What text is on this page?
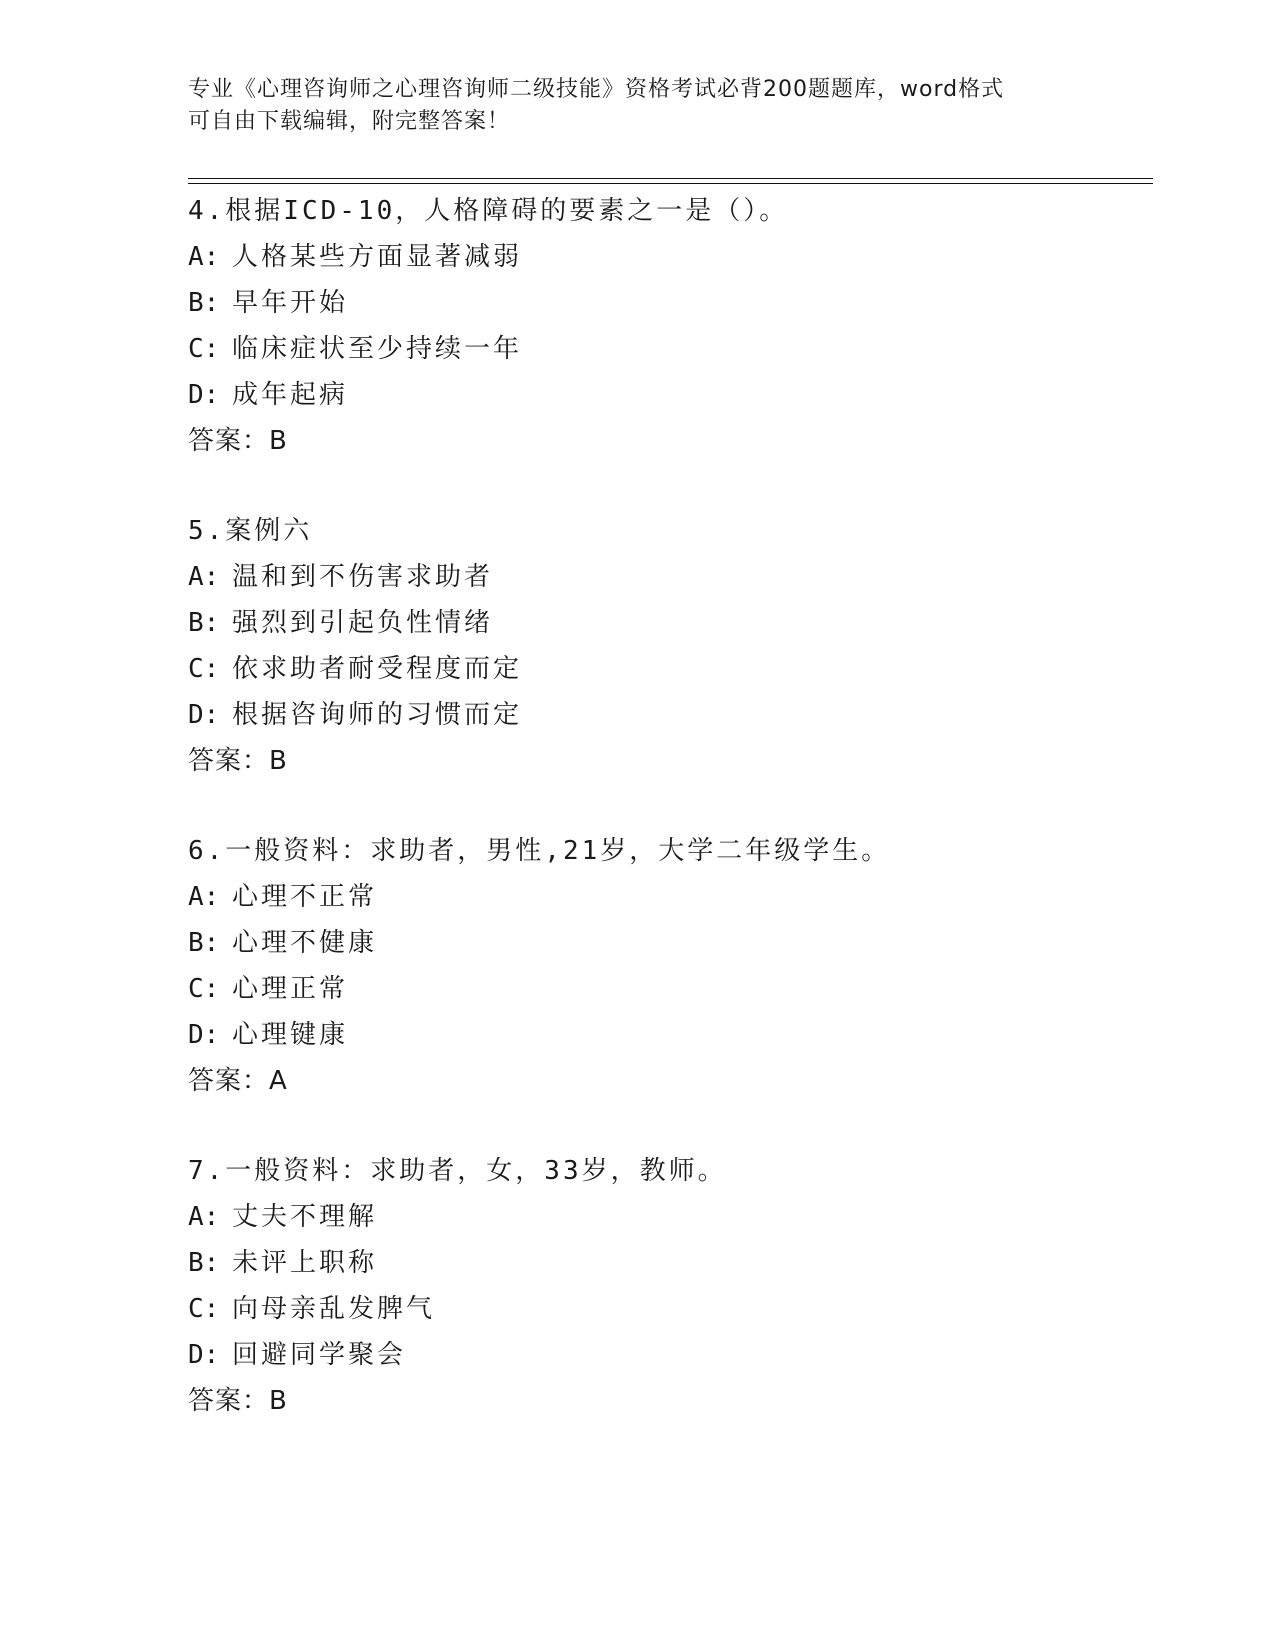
专业《心理咨询师之心理咨询师二级技能》资格考试必背200题题库，word格式
可自由下载编辑，附完整答案！
4.根据ICD-10，人格障碍的要素之一是（）。
A: 人格某些方面显著减弱
B: 早年开始
C: 临床症状至少持续一年
D: 成年起病
答案：B
5.案例六
A: 温和到不伤害求助者
B: 强烈到引起负性情绪
C: 依求助者耐受程度而定
D: 根据咨询师的习惯而定
答案：B
6.一般资料：求助者，男性,21岁，大学二年级学生。
A: 心理不正常
B: 心理不健康
C: 心理正常
D: 心理键康
答案：A
7.一般资料：求助者，女，33岁，教师。
A: 丈夫不理解
B: 未评上职称
C: 向母亲乱发脾气
D: 回避同学聚会
答案：B
